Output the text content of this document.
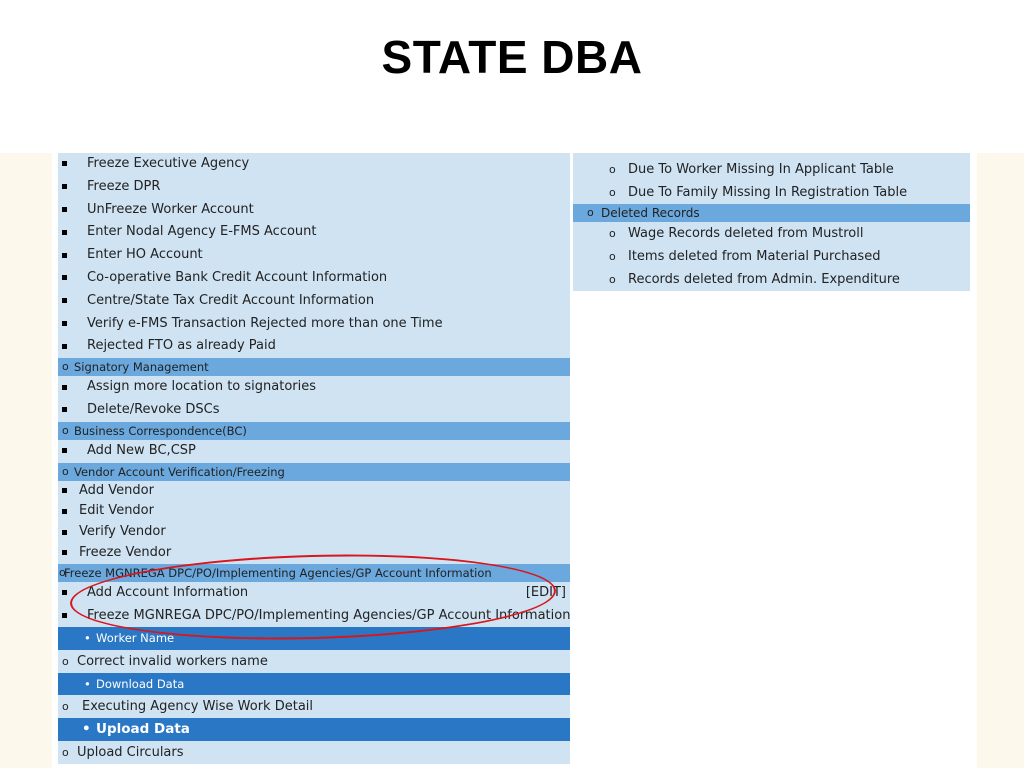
STATE DBA
Freeze Executive Agency
Freeze DPR
UnFreeze Worker Account
Enter Nodal Agency E-FMS Account
Enter HO Account
Co-operative Bank Credit Account Information
Centre/State Tax Credit Account Information
Verify e-FMS Transaction Rejected more than one Time
Rejected FTO as already Paid
o Signatory Management
Assign more location to signatories
Delete/Revoke DSCs
o Business Correspondence(BC)
Add New BC,CSP
o Vendor Account Verification/Freezing
Add Vendor
Edit Vendor
Verify Vendor
Freeze Vendor
o
Freeze MGNREGA DPC/PO/Implementing Agencies/GP Account Information
Add Account Information	[EDIT]
Freeze MGNREGA DPC/PO/Implementing Agencies/GP Account Information
• Worker Name
o Correct invalid workers name
• Download Data
o Executing Agency Wise Work Detail
• Upload Data
o Upload Circulars
o Due To Worker Missing In Applicant Table
o Due To Family Missing In Registration Table
o Deleted Records
o Wage Records deleted from Mustroll
o Items deleted from Material Purchased
o Records deleted from Admin. Expenditure
